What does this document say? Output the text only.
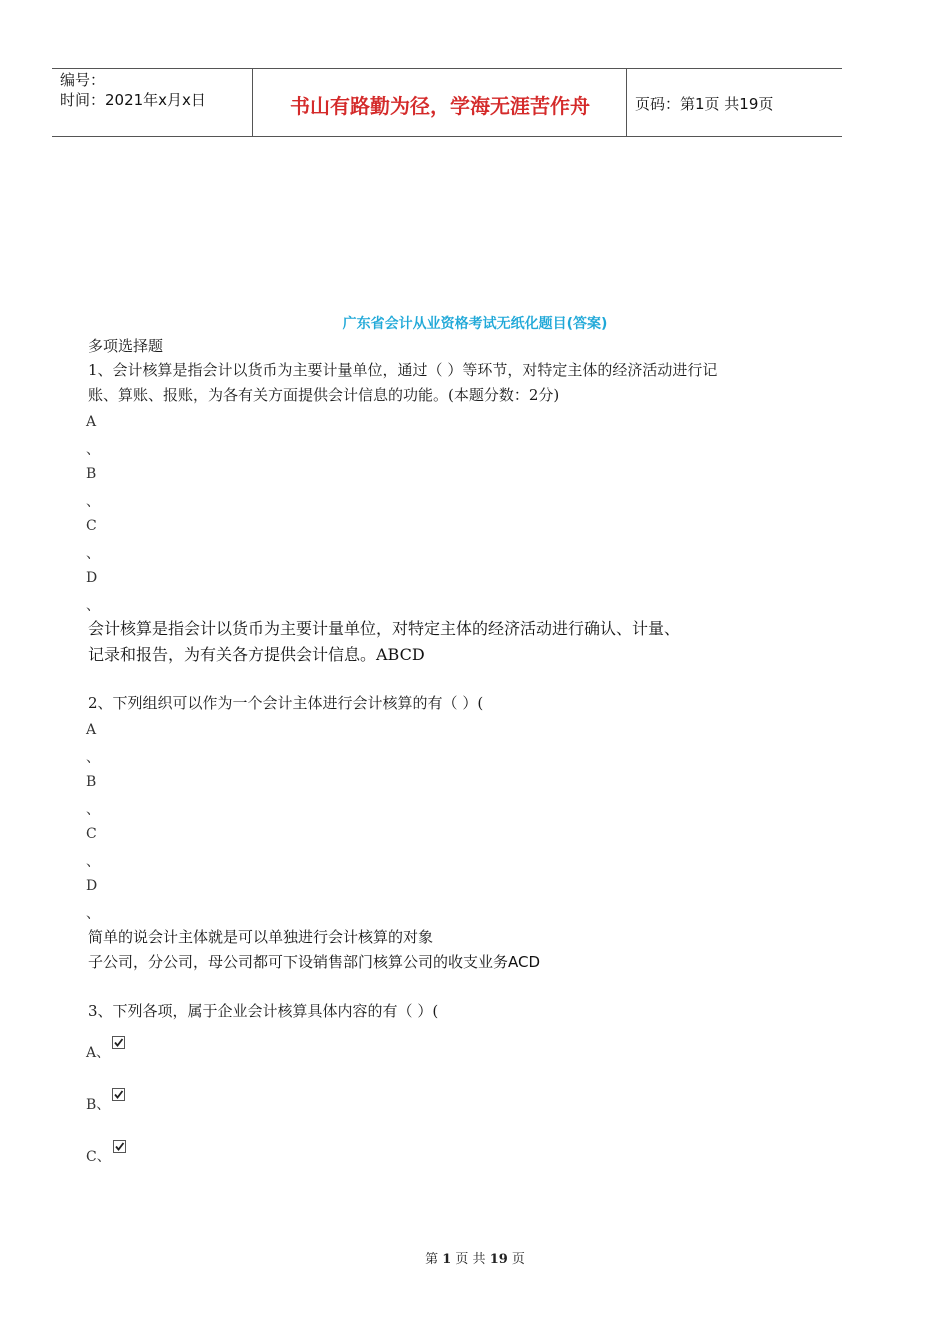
编号：
时间：2021年x月x日	书山有路勤为径，学海无涯苦作舟	页码：第1页 共19页
广东省会计从业资格考试无纸化题目(答案)
多项选择题
1、会计核算是指会计以货币为主要计量单位，通过（ ）等环节，对特定主体的经济活动进行记
账、算账、报账，为各有关方面提供会计信息的功能。(本题分数：2分)
A
、
B
、
C
、
D
、
会计核算是指会计以货币为主要计量单位，对特定主体的经济活动进行确认、计量、
记录和报告，为有关各方提供会计信息。ABCD
2、下列组织可以作为一个会计主体进行会计核算的有（ ）(
A
、
B
、
C
、
D
、
简单的说会计主体就是可以单独进行会计核算的对象
子公司，分公司，母公司都可下设销售部门核算公司的收支业务ACD
3、下列各项，属于企业会计核算具体内容的有（ ）(
A、
B、
C、
第 1 页 共 19 页
